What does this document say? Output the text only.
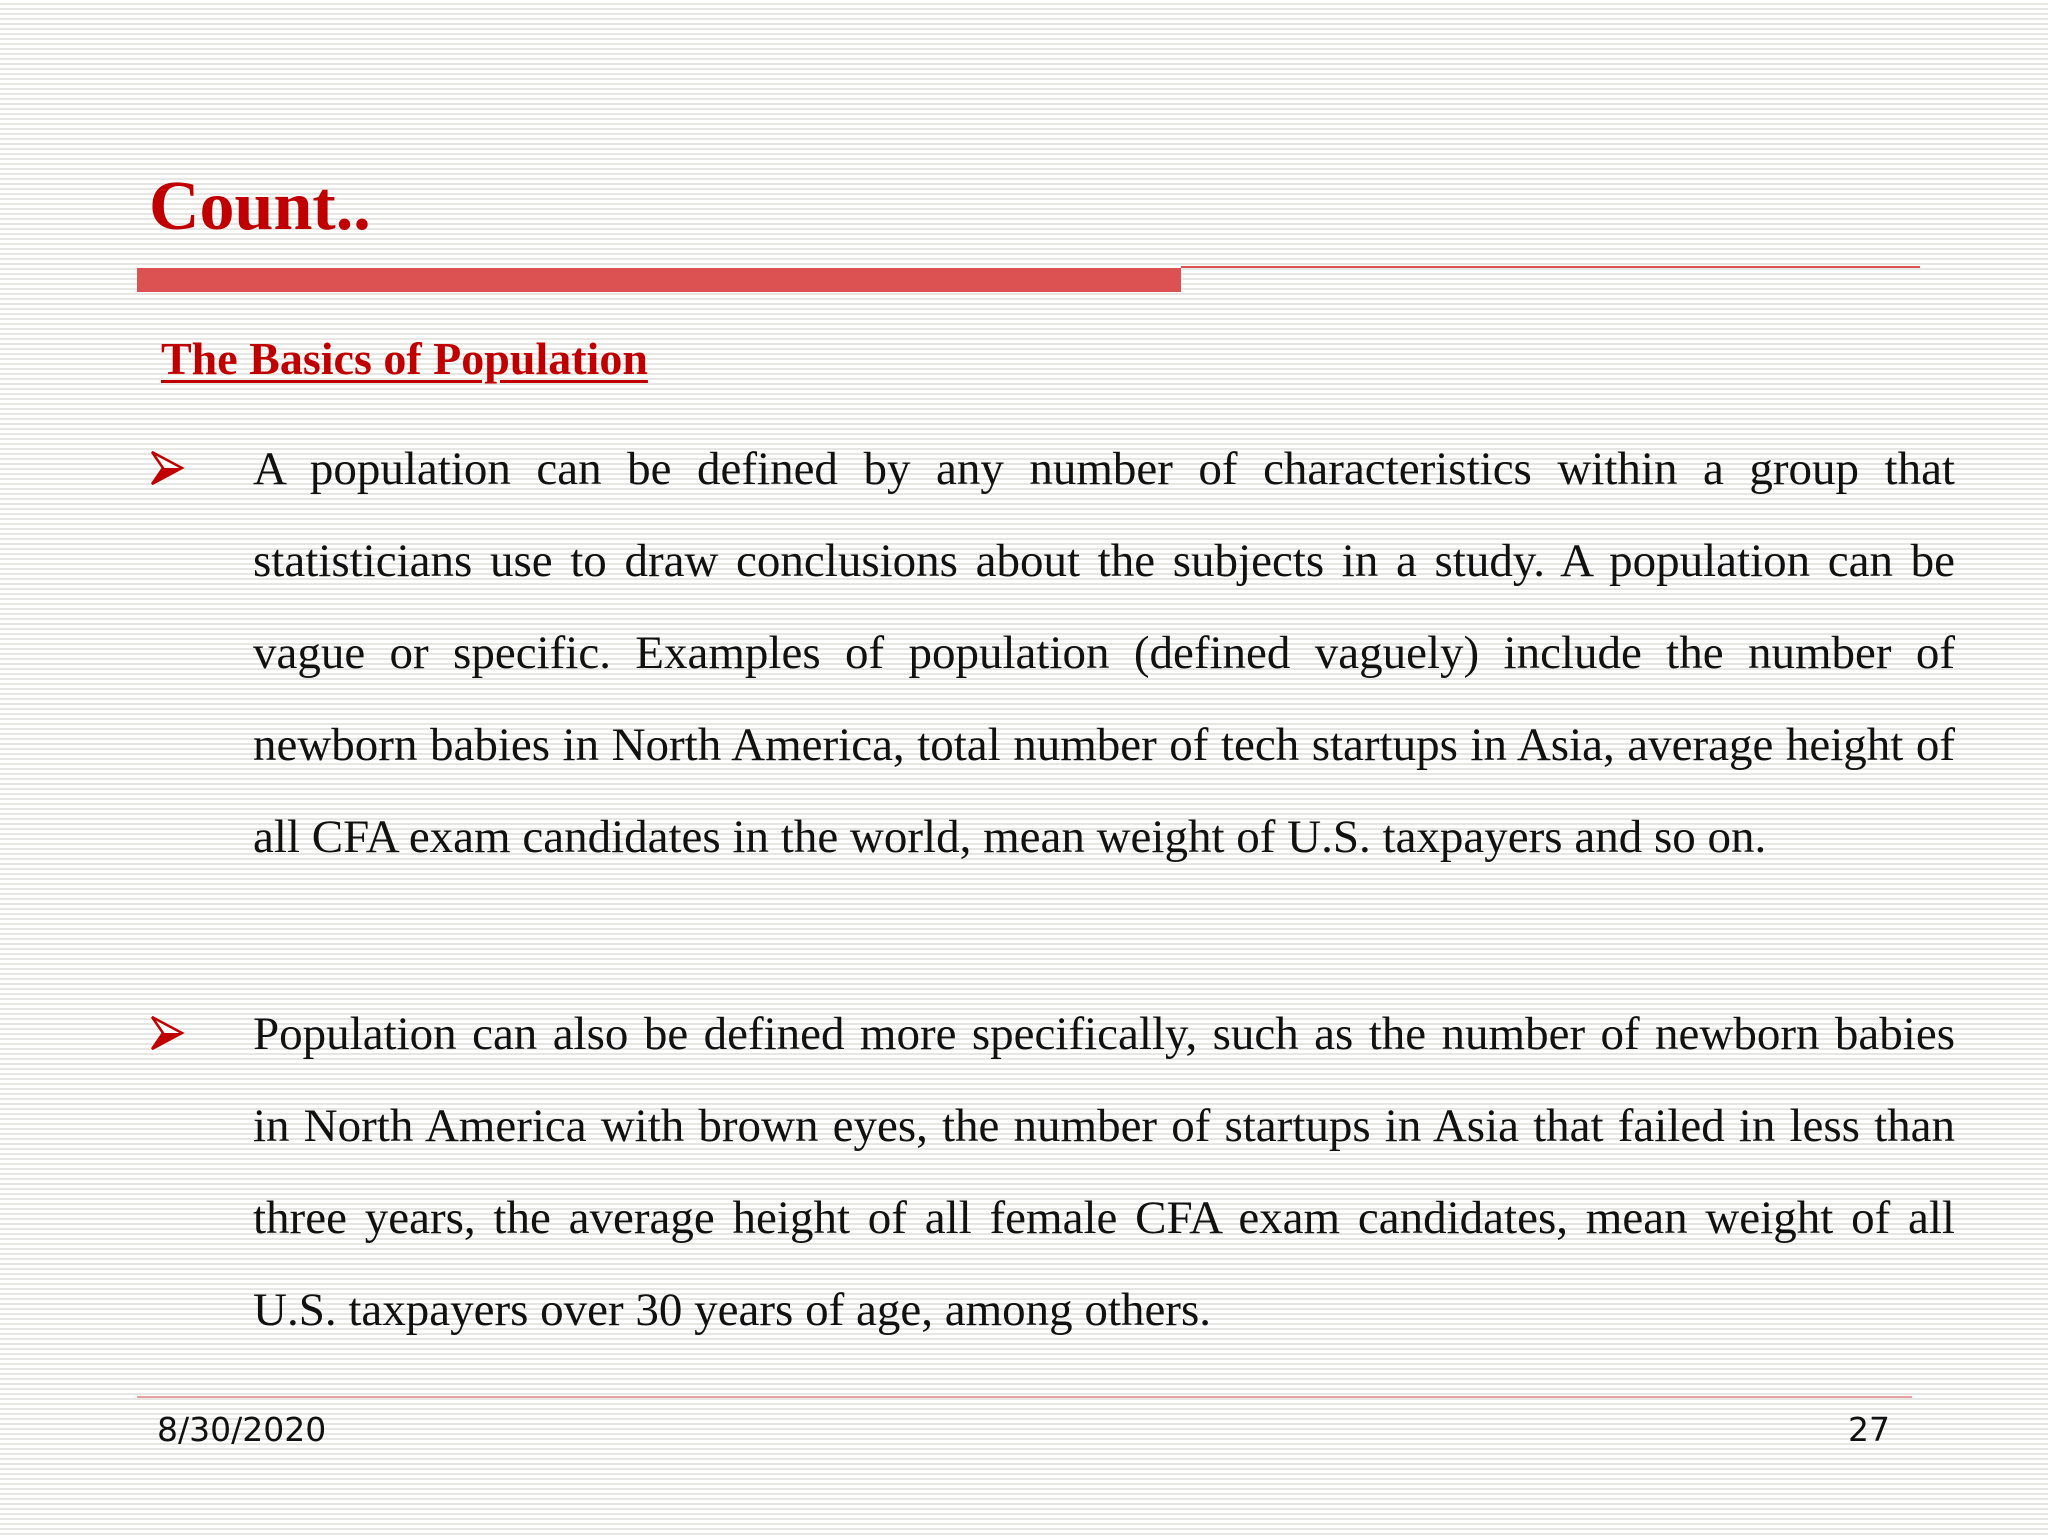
Count..
The Basics of Population

A population can be defined by any number of characteristics within a group that statisticians use to draw conclusions about the subjects in a study. A population can be vague or specific. Examples of population (defined vaguely) include the number of newborn babies in North America, total number of tech startups in Asia, average height of all CFA exam candidates in the world, mean weight of U.S. taxpayers and so on.

Population can also be defined more specifically, such as the number of newborn babies in North America with brown eyes, the number of startups in Asia that failed in less than three years, the average height of all female CFA exam candidates, mean weight of all U.S. taxpayers over 30 years of age, among others.

8/30/2020	27
